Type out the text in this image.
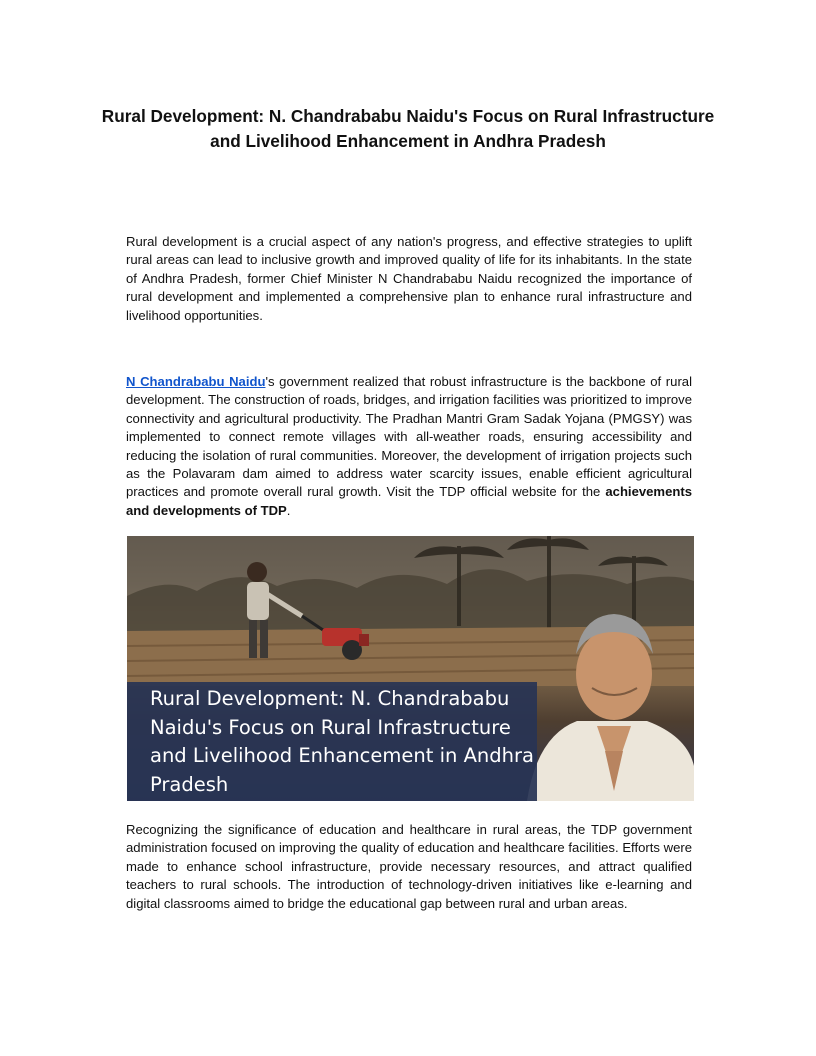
Rural Development: N. Chandrababu Naidu's Focus on Rural Infrastructure and Livelihood Enhancement in Andhra Pradesh

Rural development is a crucial aspect of any nation's progress, and effective strategies to uplift rural areas can lead to inclusive growth and improved quality of life for its inhabitants. In the state of Andhra Pradesh, former Chief Minister N Chandrababu Naidu recognized the importance of rural development and implemented a comprehensive plan to enhance rural infrastructure and livelihood opportunities.

N Chandrababu Naidu's government realized that robust infrastructure is the backbone of rural development. The construction of roads, bridges, and irrigation facilities was prioritized to improve connectivity and agricultural productivity. The Pradhan Mantri Gram Sadak Yojana (PMGSY) was implemented to connect remote villages with all-weather roads, ensuring accessibility and reducing the isolation of rural communities. Moreover, the development of irrigation projects such as the Polavaram dam aimed to address water scarcity issues, enable efficient agricultural practices and promote overall rural growth. Visit the TDP official website for the achievements and developments of TDP.

Rural Development: N. Chandrababu Naidu's Focus on Rural Infrastructure and Livelihood Enhancement in Andhra Pradesh

Recognizing the significance of education and healthcare in rural areas, the TDP government administration focused on improving the quality of education and healthcare facilities. Efforts were made to enhance school infrastructure, provide necessary resources, and attract qualified teachers to rural schools. The introduction of technology-driven initiatives like e-learning and digital classrooms aimed to bridge the educational gap between rural and urban areas.
